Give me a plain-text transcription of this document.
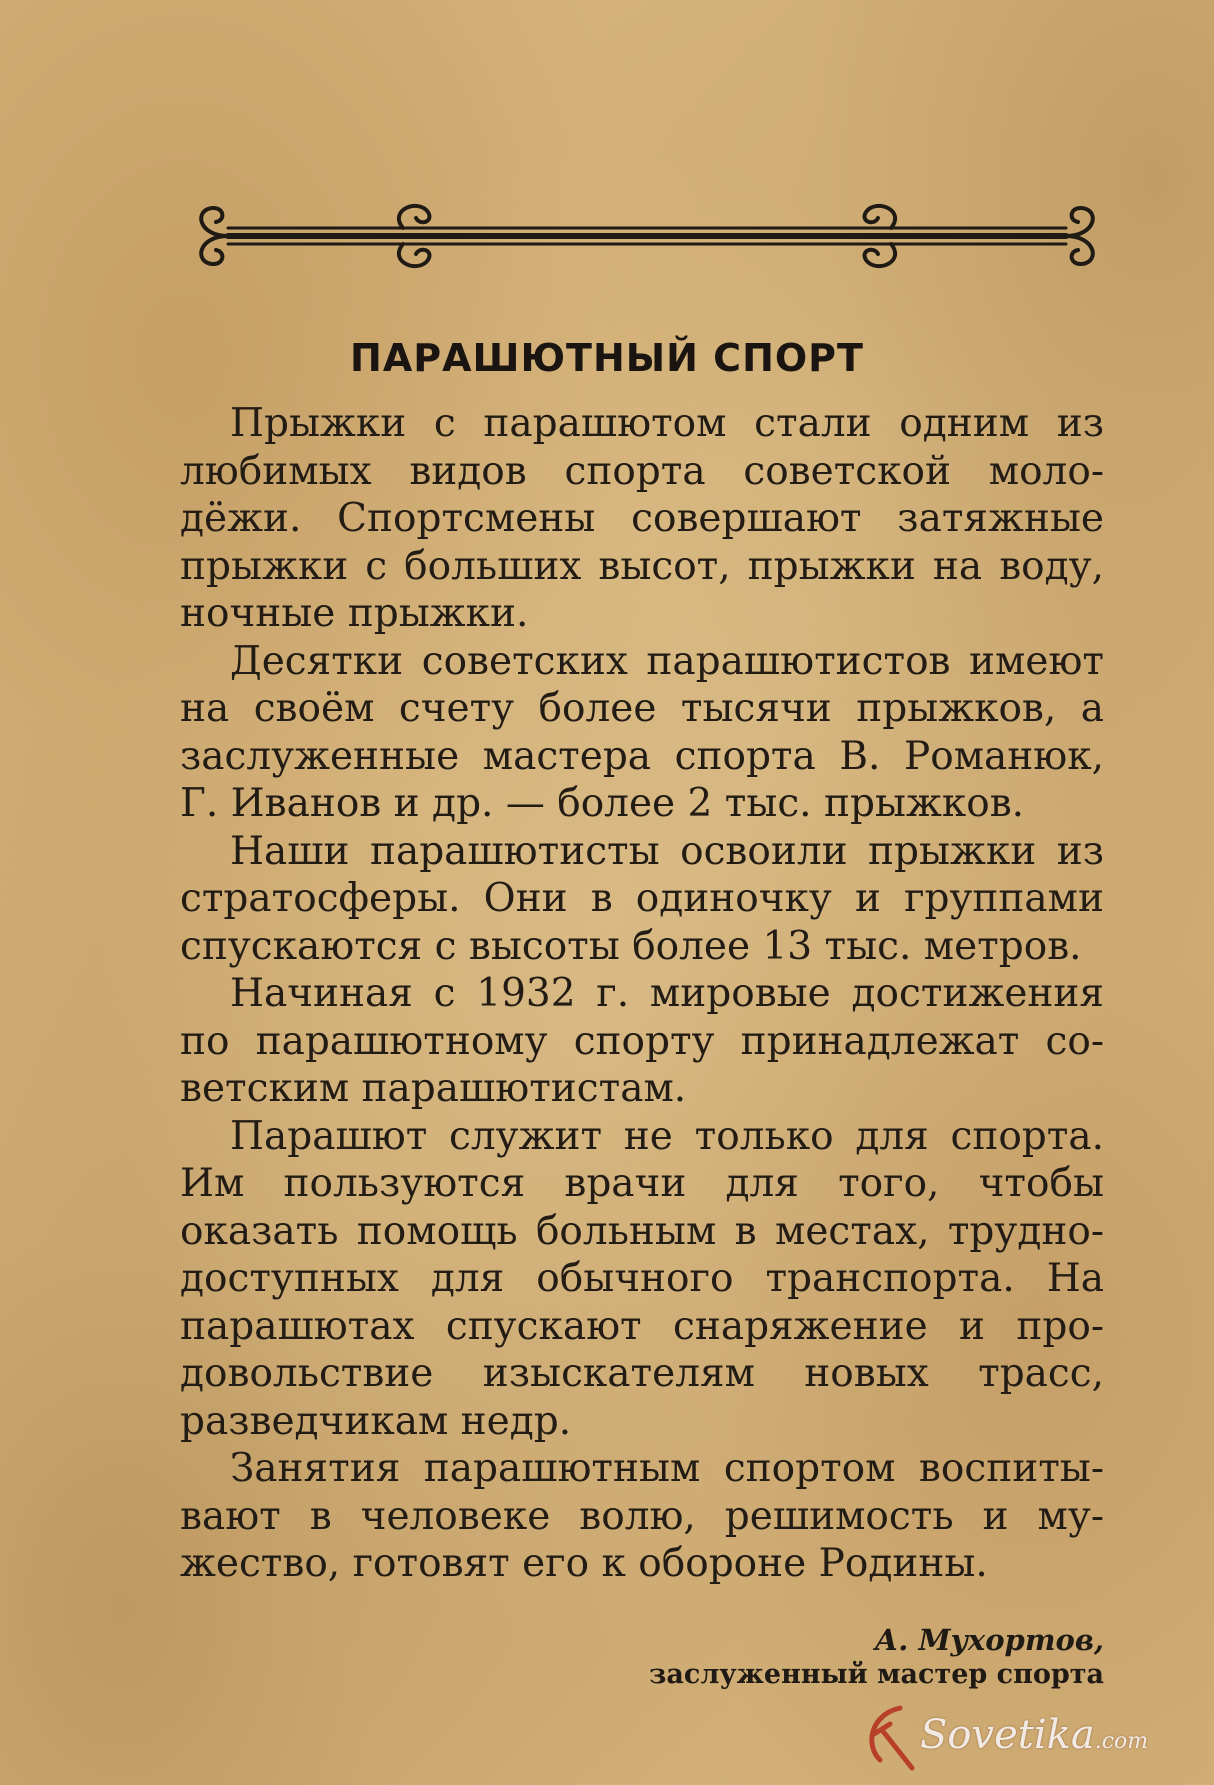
ПАРАШЮТНЫЙ СПОРТ

Прыжки с парашютом стали одним из любимых видов спорта советской молодёжи. Спортсмены совершают затяжные прыжки с больших высот, прыжки на воду, ночные прыжки.

Десятки советских парашютистов имеют на своём счету более тысячи прыжков, а заслуженные мастера спорта В. Романюк, Г. Иванов и др. — более 2 тыс. прыжков.

Наши парашютисты освоили прыжки из стратосферы. Они в одиночку и группами спускаются с высоты более 13 тыс. метров.

Начиная с 1932 г. мировые достижения по парашютному спорту принадлежат советским парашютистам.

Парашют служит не только для спорта. Им пользуются врачи для того, чтобы оказать помощь больным в местах, труднодоступных для обычного транспорта. На парашютах спускают снаряжение и продовольствие изыскателям новых трасс, разведчикам недр.

Занятия парашютным спортом воспитывают в человеке волю, решимость и мужество, готовят его к обороне Родины.

А. Мухортов,
заслуженный мастер спорта
Sovetika.com
